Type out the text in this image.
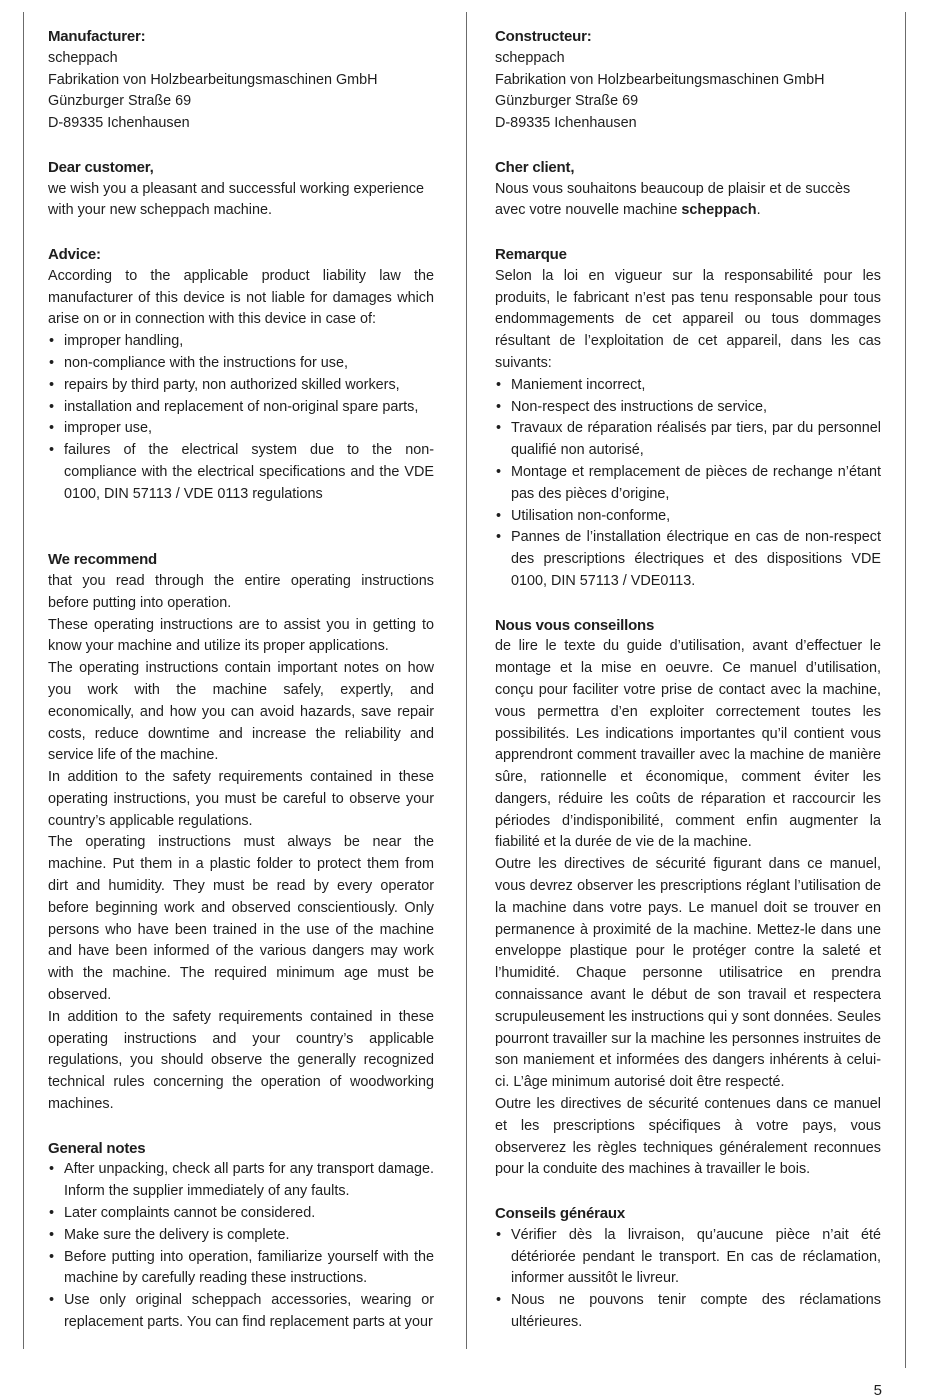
Manufacturer:

scheppach

Fabrikation von Holzbearbeitungsmaschinen GmbH

Günzburger Straße 69

D-89335 Ichenhausen

Dear customer,

we wish you a pleasant and successful working experience with your new scheppach machine.

Advice:

According to the applicable product liability law the manufacturer of this device is not liable for damages which arise on or in connection with this device in case of:

• improper handling,
• non-compliance with the instructions for use,
• repairs by third party, non authorized skilled workers,
• installation and replacement of non-original spare parts,
• improper use,
• failures of the electrical system due to the non-compliance with the electrical specifications and the VDE 0100, DIN 57113 / VDE 0113 regulations
We recommend

that you read through the entire operating instructions before putting into operation.

These operating instructions are to assist you in getting to know your machine and utilize its proper applications.

The operating instructions contain important notes on how you work with the machine safely, expertly, and economically, and how you can avoid hazards, save repair costs, reduce downtime and increase the reliability and service life of the machine.

In addition to the safety requirements contained in these operating instructions, you must be careful to observe your country’s applicable regulations.

The operating instructions must always be near the machine. Put them in a plastic folder to protect them from dirt and humidity. They must be read by every operator before beginning work and observed conscientiously. Only persons who have been trained in the use of the machine and have been informed of the various dangers may work with the machine. The required minimum age must be observed.

In addition to the safety requirements contained in these operating instructions and your country’s applicable regulations, you should observe the generally recognized technical rules concerning the operation of woodworking machines.

General notes
• After unpacking, check all parts for any transport damage. Inform the supplier immediately of any faults.
• Later complaints cannot be considered.
• Make sure the delivery is complete.
• Before putting into operation, familiarize yourself with the machine by carefully reading these instructions.
• Use only original scheppach accessories, wearing or replacement parts. You can find replacement parts at your
Constructeur:

scheppach

Fabrikation von Holzbearbeitungsmaschinen GmbH

Günzburger Straße 69

D-89335 Ichenhausen

Cher client,

Nous vous souhaitons beaucoup de plaisir et de succès avec votre nouvelle machine scheppach.

Remarque

Selon la loi en vigueur sur la responsabilité pour les produits, le fabricant n’est pas tenu responsable pour tous endommagements de cet appareil ou tous dommages résultant de l’exploitation de cet appareil, dans les cas suivants:

• Maniement incorrect,
• Non-respect des instructions de service,
• Travaux de réparation réalisés par tiers, par du personnel qualifié non autorisé,
• Montage et remplacement de pièces de rechange n’étant pas des pièces d’origine,
• Utilisation non-conforme,
• Pannes de l’installation électrique en cas de non-respect des prescriptions électriques et des dispositions VDE 0100, DIN 57113 / VDE0113.
Nous vous conseillons

de lire le texte du guide d’utilisation, avant d’effectuer le montage et la mise en oeuvre. Ce manuel d’utilisation, conçu pour faciliter votre prise de contact avec la machine, vous permettra d’en exploiter correctement toutes les possibilités. Les indications importantes qu’il contient vous apprendront comment travailler avec la machine de manière sûre, rationnelle et économique, comment éviter les dangers, réduire les coûts de réparation et raccourcir les périodes d’indisponibilité, comment enfin augmenter la fiabilité et la durée de vie de la machine.

Outre les directives de sécurité figurant dans ce manuel, vous devrez observer les prescriptions réglant l’utilisation de la machine dans votre pays. Le manuel doit se trouver en permanence à proximité de la machine. Mettez-le dans une enveloppe plastique pour le protéger contre la saleté et l’humidité. Chaque personne utilisatrice en prendra connaissance avant le début de son travail et respectera scrupuleusement les instructions qui y sont données. Seules pourront travailler sur la machine les personnes instruites de son maniement et informées des dangers inhérents à celui-ci. L’âge minimum autorisé doit être respecté.

Outre les directives de sécurité contenues dans ce manuel et les prescriptions spécifiques à votre pays, vous observerez les règles techniques généralement reconnues pour la conduite des machines à travailler le bois.

Conseils généraux
• Vérifier dès la livraison, qu’aucune pièce n’ait été détériorée pendant le transport. En cas de réclamation, informer aussitôt le livreur.
• Nous ne pouvons tenir compte des réclamations ultérieures.
5
